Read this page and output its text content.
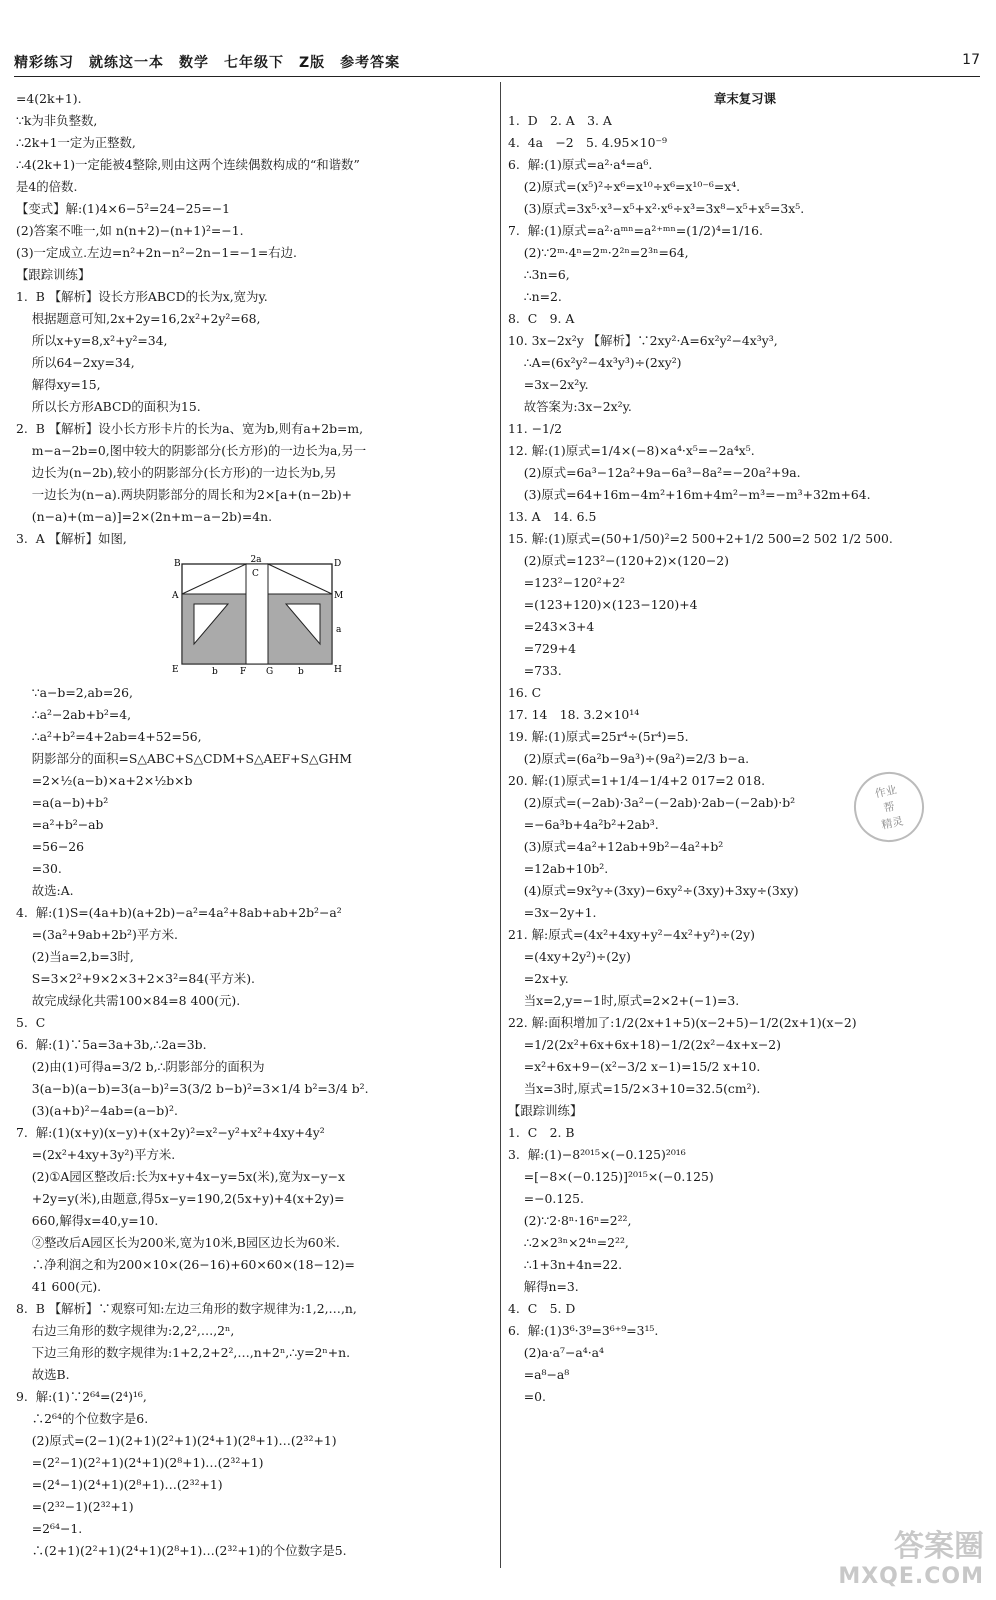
精彩练习　就练这一本　数学　七年级下　Z版　参考答案	17
=4(2k+1).
∵k为非负整数,
∴2k+1一定为正整数,
∴4(2k+1)一定能被4整除,则由这两个连续偶数构成的“和谐数”
是4的倍数.
【变式】解:(1)4×6−5²=24−25=−1
(2)答案不唯一,如 n(n+2)−(n+1)²=−1.
(3)一定成立.左边=n²+2n−n²−2n−1=−1=右边.
【跟踪训练】
1.  B 【解析】设长方形ABCD的长为x,宽为y.
根据题意可知,2x+2y=16,2x²+2y²=68,
所以x+y=8,x²+y²=34,
所以64−2xy=34,
解得xy=15,
所以长方形ABCD的面积为15.
2.  B 【解析】设小长方形卡片的长为a、宽为b,则有a+2b=m,
m−a−2b=0,图中较大的阴影部分(长方形)的一边长为a,另一
边长为(n−2b),较小的阴影部分(长方形)的一边长为b,另
一边长为(n−a).两块阴影部分的周长和为2×[a+(n−2b)+
(n−a)+(m−a)]=2×(2n+m−a−2b)=4n.
3.  A 【解析】如图,
2a
B
C
D
A	M
E	F G	H
b	b
a
∵a−b=2,ab=26,
∴a²−2ab+b²=4,
∴a²+b²=4+2ab=4+52=56,
阴影部分的面积=S△ABC+S△CDM+S△AEF+S△GHM
=2×½(a−b)×a+2×½b×b
=a(a−b)+b²
=a²+b²−ab
=56−26
=30.
故选:A.
4.  解:(1)S=(4a+b)(a+2b)−a²=4a²+8ab+ab+2b²−a²
=(3a²+9ab+2b²)平方米.
(2)当a=2,b=3时,
S=3×2²+9×2×3+2×3²=84(平方米).
故完成绿化共需100×84=8 400(元).
5.  C
6.  解:(1)∵5a=3a+3b,∴2a=3b.
(2)由(1)可得a=3/2 b,∴阴影部分的面积为
3(a−b)(a−b)=3(a−b)²=3(3/2 b−b)²=3×1/4 b²=3/4 b².
(3)(a+b)²−4ab=(a−b)².
7.  解:(1)(x+y)(x−y)+(x+2y)²=x²−y²+x²+4xy+4y²
=(2x²+4xy+3y²)平方米.
(2)①A园区整改后:长为x+y+4x−y=5x(米),宽为x−y−x
+2y=y(米),由题意,得5x−y=190,2(5x+y)+4(x+2y)=
660,解得x=40,y=10.
②整改后A园区长为200米,宽为10米,B园区边长为60米.
∴净利润之和为200×10×(26−16)+60×60×(18−12)=
41 600(元).
8.  B 【解析】∵观察可知:左边三角形的数字规律为:1,2,…,n,
右边三角形的数字规律为:2,2²,…,2ⁿ,
下边三角形的数字规律为:1+2,2+2²,…,n+2ⁿ,∴y=2ⁿ+n.
故选B.
9.  解:(1)∵2⁶⁴=(2⁴)¹⁶,
∴2⁶⁴的个位数字是6.
(2)原式=(2−1)(2+1)(2²+1)(2⁴+1)(2⁸+1)…(2³²+1)
=(2²−1)(2²+1)(2⁴+1)(2⁸+1)…(2³²+1)
=(2⁴−1)(2⁴+1)(2⁸+1)…(2³²+1)
=(2³²−1)(2³²+1)
=2⁶⁴−1.
∴(2+1)(2²+1)(2⁴+1)(2⁸+1)…(2³²+1)的个位数字是5.
章末复习课
1.  D　2. A　3. A
4.  4a　−2　5. 4.95×10⁻⁹
6.  解:(1)原式=a²·a⁴=a⁶.
(2)原式=(x⁵)²÷x⁶=x¹⁰÷x⁶=x¹⁰⁻⁶=x⁴.
(3)原式=3x⁵·x³−x⁵+x²·x⁶÷x³=3x⁸−x⁵+x⁵=3x⁵.
7.  解:(1)原式=a²·aᵐⁿ=a²⁺ᵐⁿ=(1/2)⁴=1/16.
(2)∵2ᵐ·4ⁿ=2ᵐ·2²ⁿ=2³ⁿ=64,
∴3n=6,
∴n=2.
8.  C　9. A
10. 3x−2x²y 【解析】∵2xy²·A=6x²y²−4x³y³,
∴A=(6x²y²−4x³y³)÷(2xy²)
=3x−2x²y.
故答案为:3x−2x²y.
11. −1/2
12. 解:(1)原式=1/4×(−8)×a⁴·x⁵=−2a⁴x⁵.
(2)原式=6a³−12a²+9a−6a³−8a²=−20a²+9a.
(3)原式=64+16m−4m²+16m+4m²−m³=−m³+32m+64.
13. A　14. 6.5
15. 解:(1)原式=(50+1/50)²=2 500+2+1/2 500=2 502 1/2 500.
(2)原式=123²−(120+2)×(120−2)
=123²−120²+2²
=(123+120)×(123−120)+4
=243×3+4
=729+4
=733.
16. C
17. 14　18. 3.2×10¹⁴
19. 解:(1)原式=25r⁴÷(5r⁴)=5.
(2)原式=(6a²b−9a³)÷(9a²)=2/3 b−a.
20. 解:(1)原式=1+1/4−1/4+2 017=2 018.
(2)原式=(−2ab)·3a²−(−2ab)·2ab−(−2ab)·b²
=−6a³b+4a²b²+2ab³.
(3)原式=4a²+12ab+9b²−4a²+b²
=12ab+10b².
(4)原式=9x²y÷(3xy)−6xy²÷(3xy)+3xy÷(3xy)
=3x−2y+1.
21. 解:原式=(4x²+4xy+y²−4x²+y²)÷(2y)
=(4xy+2y²)÷(2y)
=2x+y.
当x=2,y=−1时,原式=2×2+(−1)=3.
22. 解:面积增加了:1/2(2x+1+5)(x−2+5)−1/2(2x+1)(x−2)
=1/2(2x²+6x+6x+18)−1/2(2x²−4x+x−2)
=x²+6x+9−(x²−3/2 x−1)=15/2 x+10.
当x=3时,原式=15/2×3+10=32.5(cm²).
【跟踪训练】
1.  C　2. B
3.  解:(1)−8²⁰¹⁵×(−0.125)²⁰¹⁶
=[−8×(−0.125)]²⁰¹⁵×(−0.125)
=−0.125.
(2)∵2·8ⁿ·16ⁿ=2²²,
∴2×2³ⁿ×2⁴ⁿ=2²²,
∴1+3n+4n=22.
解得n=3.
4.  C　5. D
6.  解:(1)3⁶·3⁹=3⁶⁺⁹=3¹⁵.
(2)a·a⁷−a⁴·a⁴
=a⁸−a⁸
=0.
作业
帮
精灵
答案圈
MXQE.COM
